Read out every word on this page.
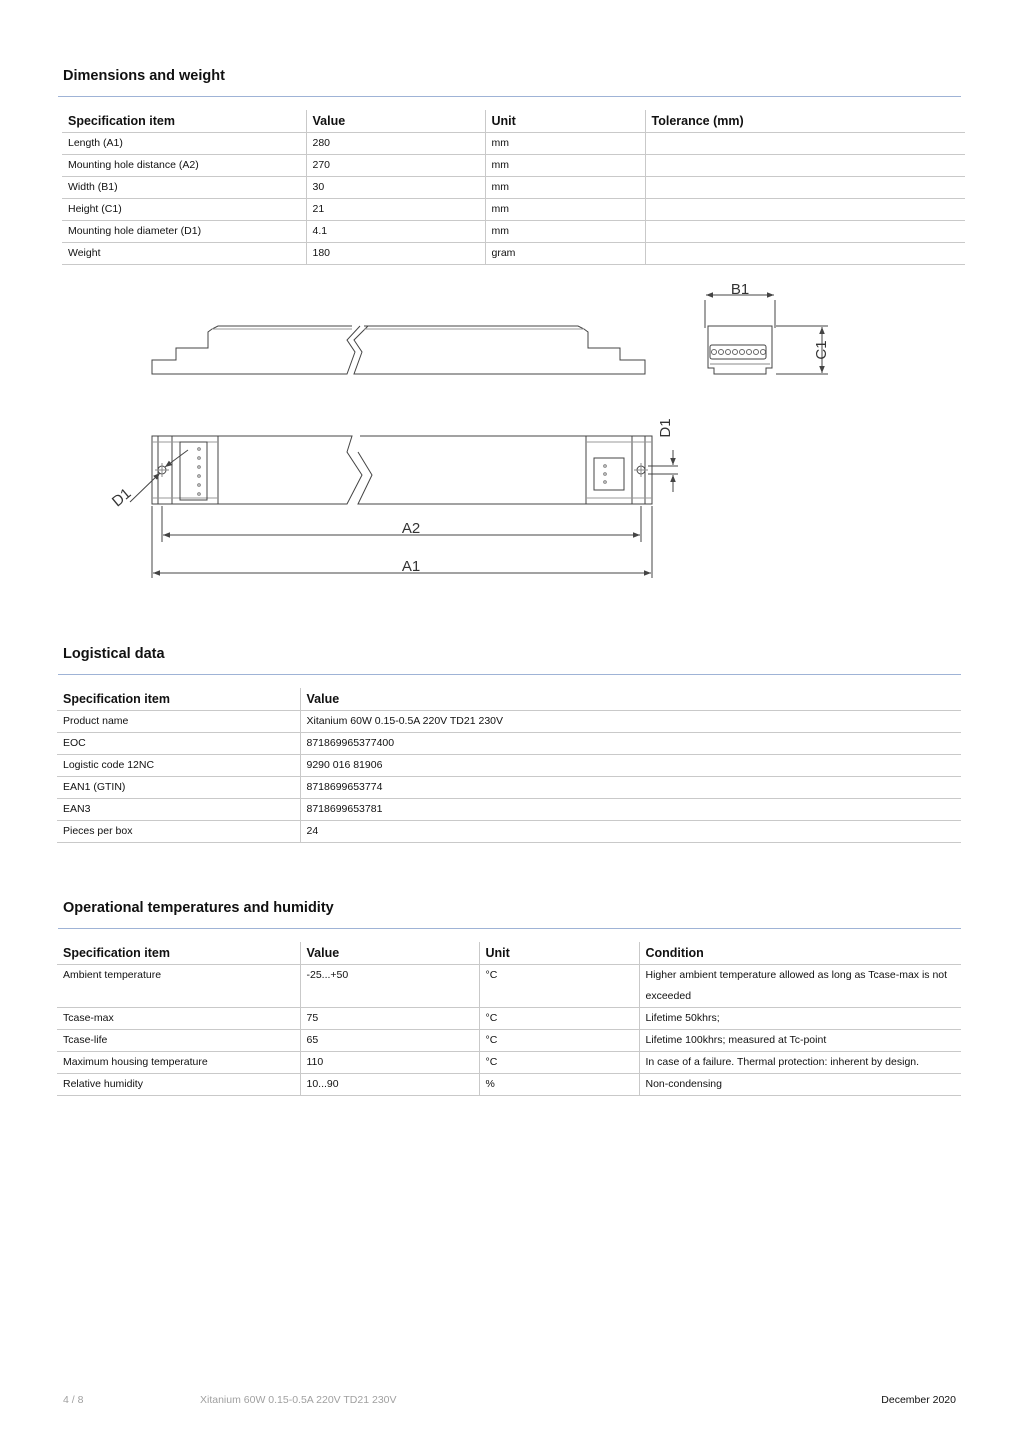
Dimensions and weight
Specification item	Value	Unit	Tolerance (mm)
Length (A1)	280	mm	
Mounting hole distance (A2)	270	mm	
Width (B1)	30	mm	
Height (C1)	21	mm	
Mounting hole diameter (D1)	4.1	mm	
Weight	180	gram	
B1
C1
D1
D1
A2
A1
Logistical data
Specification item	Value
Product name	Xitanium 60W 0.15-0.5A 220V TD21 230V
EOC	871869965377400
Logistic code 12NC	9290 016 81906
EAN1 (GTIN)	8718699653774
EAN3	8718699653781
Pieces per box	24
Operational temperatures and humidity
Specification item	Value	Unit	Condition
Ambient temperature	-25...+50	°C	Higher ambient temperature allowed as long as Tcase-max is not exceeded
Tcase-max	75	°C	Lifetime 50khrs;
Tcase-life	65	°C	Lifetime 100khrs; measured at Tc-point
Maximum housing temperature	110	°C	In case of a failure. Thermal protection: inherent by design.
Relative humidity	10...90	%	Non-condensing
4 / 8	Xitanium 60W 0.15-0.5A 220V TD21 230V	December 2020
